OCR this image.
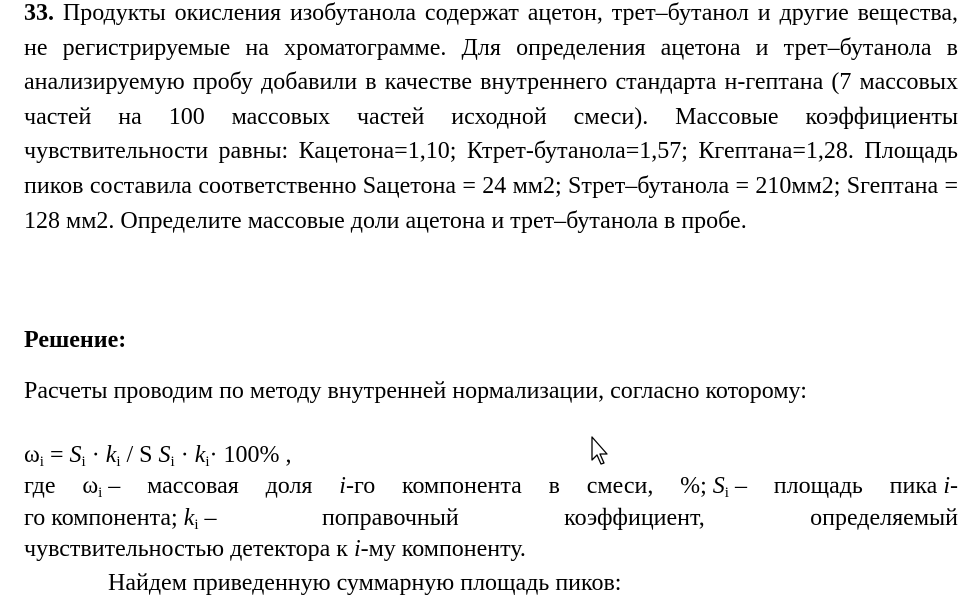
33. Продукты окисления изобутанола содержат ацетон, трет–бутанол и другие вещества, не регистрируемые на хроматограмме. Для определения ацетона и трет–бутанола в анализируемую пробу добавили в качестве внутреннего стандарта н-гептана (7 массовых частей на 100 массовых частей исходной смеси). Массовые коэффициенты чувствительности равны: Кацетона=1,10; Ктрет-бутанола=1,57; Кгептана=1,28. Площадь пиков составила соответственно Sацетона = 24 мм2; Sтрет–бутанола = 210мм2; Sгептана = 128 мм2. Определите массовые доли ацетона и трет–бутанола в пробе.

Решение:
Расчеты проводим по методу внутренней нормализации, согласно которому:
$\omega_i = S_i \cdot k_i / S$ $S_i \cdot k_i\cdot 100\%$ ,
где $\omega_i$ – массовая доля i-го компонента в смеси, %; $S_i$ – площадь пика i-
го компонента; $k_i$ –	поправочный	коэффициент,	определяемый
чувствительностью детектора к i -му компоненту.
Найдем приведенную суммарную площадь пиков:
